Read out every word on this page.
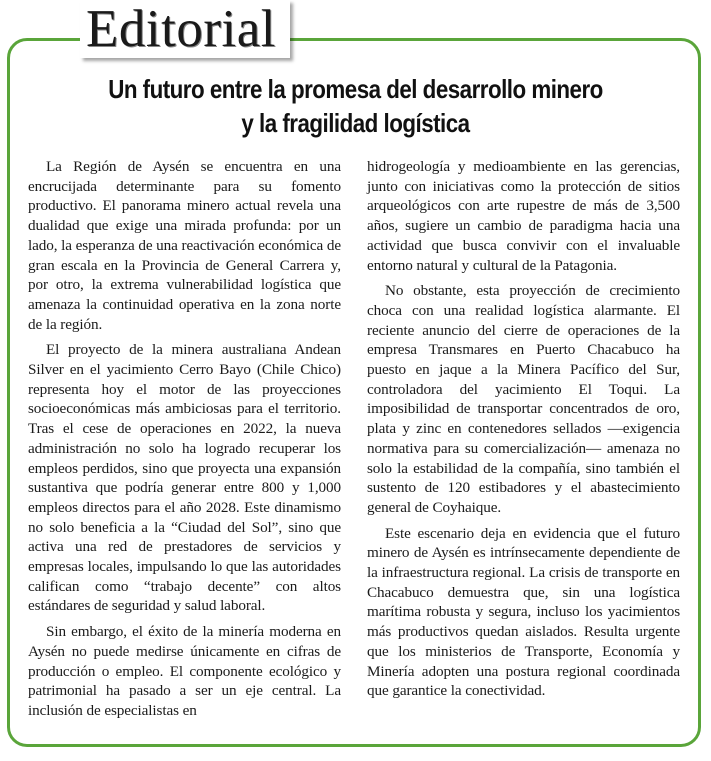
Editorial
Un futuro entre la promesa del desarrollo minero
y la fragilidad logística

La Región de Aysén se encuentra en una encrucijada determinante para su fomento productivo. El panorama minero actual revela una dualidad que exige una mirada profunda: por un lado, la esperanza de una reactivación económica de gran escala en la Provincia de General Carrera y, por otro, la extrema vulnerabilidad logística que amenaza la continuidad operativa en la zona norte de la región.

El proyecto de la minera australiana Andean Silver en el yacimiento Cerro Bayo (Chile Chico) representa hoy el motor de las proyecciones socioeconómicas más ambiciosas para el territorio. Tras el cese de operaciones en 2022, la nueva administración no solo ha logrado recuperar los empleos perdidos, sino que proyecta una expansión sustantiva que podría generar entre 800 y 1,000 empleos directos para el año 2028. Este dinamismo no solo beneficia a la “Ciudad del Sol”, sino que activa una red de prestadores de servicios y empresas locales, impulsando lo que las autoridades califican como “trabajo decente” con altos estándares de seguridad y salud laboral.

Sin embargo, el éxito de la minería moderna en Aysén no puede medirse únicamente en cifras de producción o empleo. El componente ecológico y patrimonial ha pasado a ser un eje central. La inclusión de especialistas en

hidrogeología y medioambiente en las gerencias, junto con iniciativas como la protección de sitios arqueológicos con arte rupestre de más de 3,500 años, sugiere un cambio de paradigma hacia una actividad que busca convivir con el invaluable entorno natural y cultural de la Patagonia.

No obstante, esta proyección de crecimiento choca con una realidad logística alarmante. El reciente anuncio del cierre de operaciones de la empresa Transmares en Puerto Chacabuco ha puesto en jaque a la Minera Pacífico del Sur, controladora del yacimiento El Toqui. La imposibilidad de transportar concentrados de oro, plata y zinc en contenedores sellados —exigencia normativa para su comercialización— amenaza no solo la estabilidad de la compañía, sino también el sustento de 120 estibadores y el abastecimiento general de Coyhaique.

Este escenario deja en evidencia que el futuro minero de Aysén es intrínsecamente dependiente de la infraestructura regional. La crisis de transporte en Chacabuco demuestra que, sin una logística marítima robusta y segura, incluso los yacimientos más productivos quedan aislados. Resulta urgente que los ministerios de Transporte, Economía y Minería adopten una postura regional coordinada que garantice la conectividad.
